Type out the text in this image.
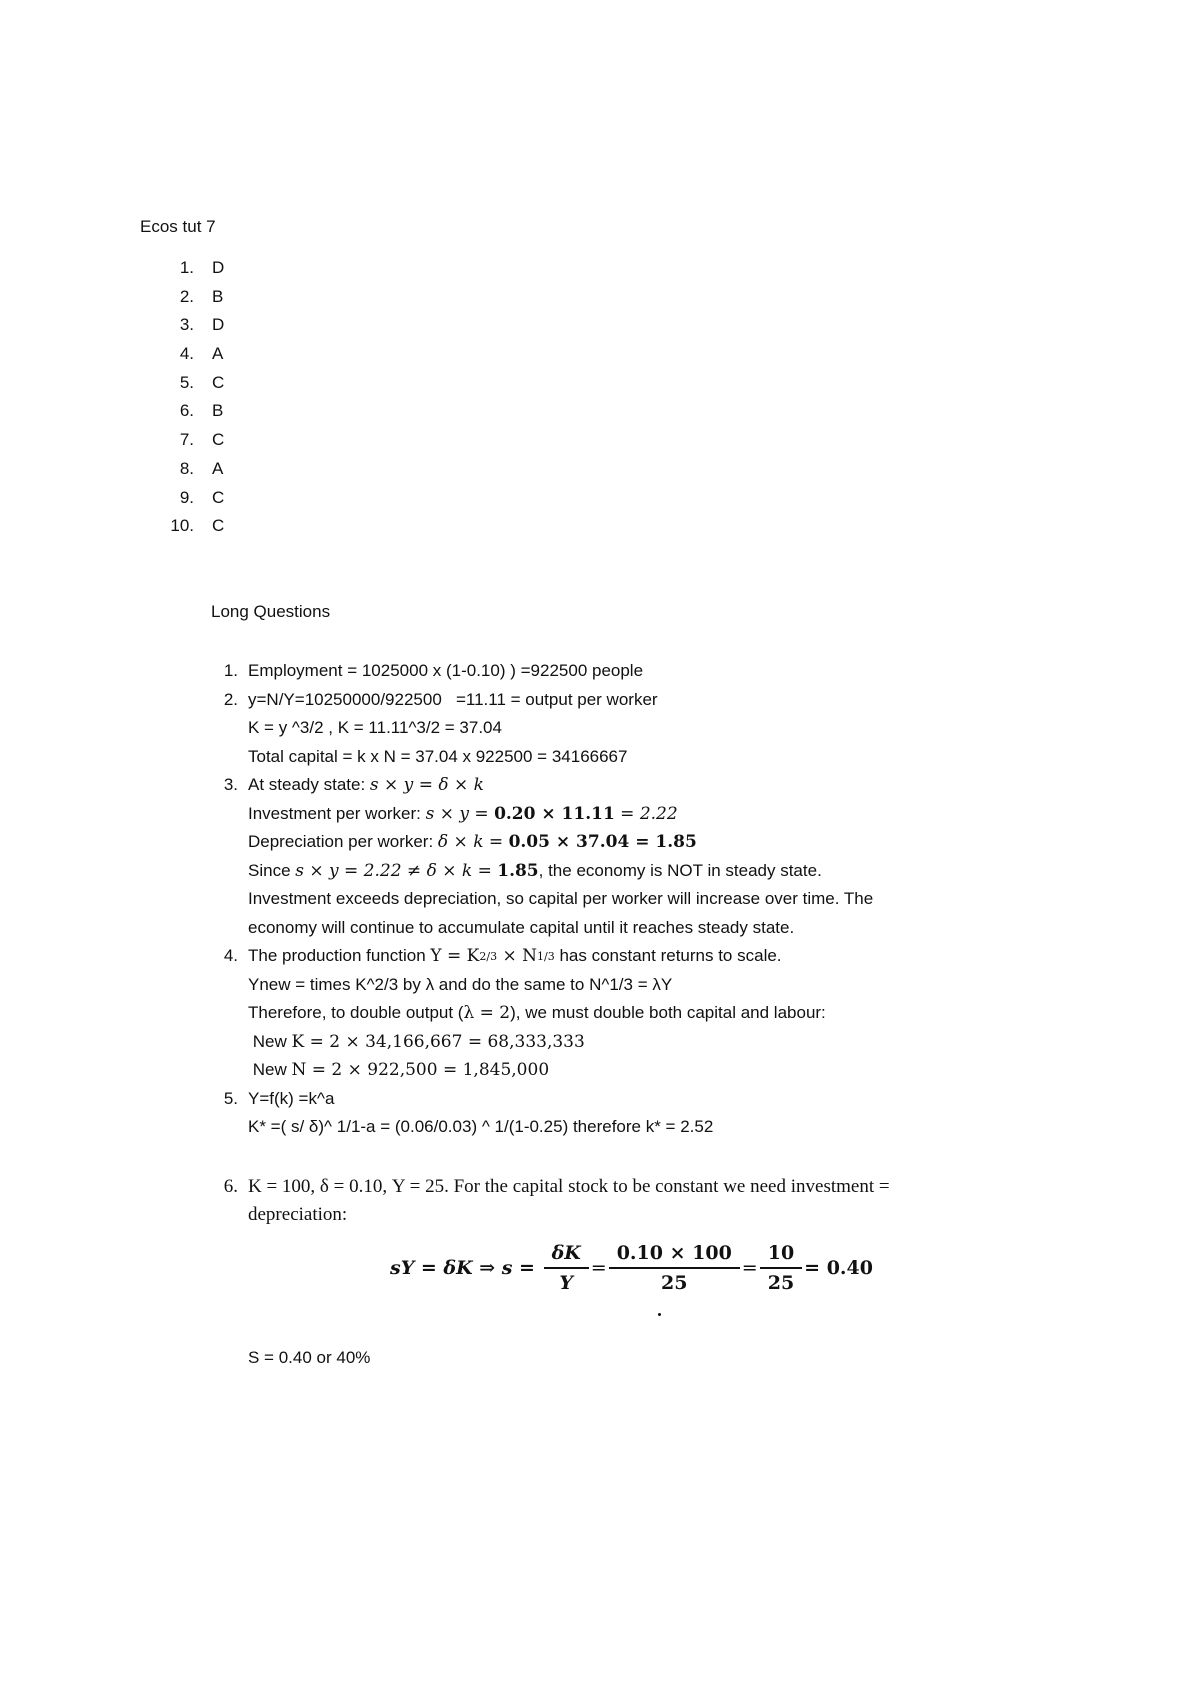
Ecos tut 7
1.	D
2.	B
3.	D
4.	A
5.	C
6.	B
7.	C
8.	A
9.	C
10.	C
Long Questions
1. Employment = 1025000 x (1-0.10) ) =922500 people
2. y=N/Y=10250000/922500   =11.11 = output per worker
K = y ^3/2 , K = 11.11^3/2 = 37.04
Total capital = k x N = 37.04 x 922500 = 34166667
3. At steady state: s × y = δ × k
Investment per worker: s × y = 0.20 × 11.11 = 2.22
Depreciation per worker: δ × k = 0.05 × 37.04 = 1.85
Since s × y = 2.22 ≠ δ × k = 1.85 , the economy is NOT in steady state.
Investment exceeds depreciation, so capital per worker will increase over time. The
economy will continue to accumulate capital until it reaches steady state.
4. The production function Y = K 2/3 × N 1/3 has constant returns to scale.
Ynew = times K^2/3 by λ and do the same to N^1/3 = λY
Therefore, to double output ( λ = 2 ), we must double both capital and labour:
New K = 2 × 34,166,667 = 68,333,333
New N = 2 × 922,500 = 1,845,000
5. Y=f(k) =k^a
K* =( s/ δ)^ 1/1-a = (0.06/0.03) ^ 1/(1-0.25) therefore k* = 2.52
6. K = 100, δ = 0.10, Y = 25. For the capital stock to be constant we need investment =
depreciation:
sY = δK ⇒ $s = \frac{\delta K}{Y} = \frac{0.10 \times 100}{25} = \frac{10}{25} = 0.40$
S = 0.40 or 40%
